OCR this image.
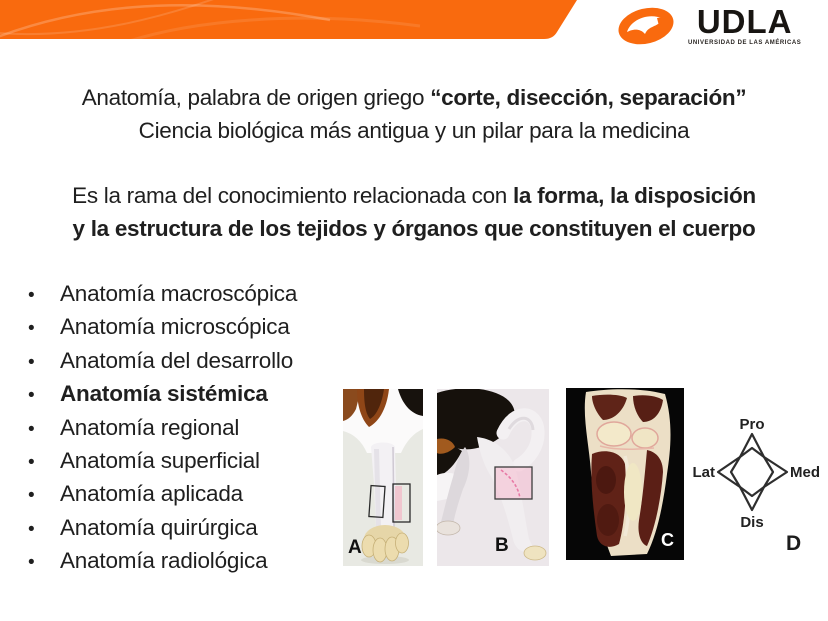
UDLA
UNIVERSIDAD DE LAS AMÉRICAS
Anatomía, palabra de origen griego “corte, disección, separación”
Ciencia biológica más antigua y un pilar para la medicina
Es la rama del conocimiento relacionada con la forma, la disposición
y la estructura de los tejidos y órganos que constituyen el cuerpo
•	Anatomía macroscópica
•	Anatomía microscópica
•	Anatomía del desarrollo
•	Anatomía sistémica
•	Anatomía regional
•	Anatomía superficial
•	Anatomía aplicada
•	Anatomía quirúrgica
•	Anatomía radiológica
A	B	C
Pro
Dis
Lat	Med
D
